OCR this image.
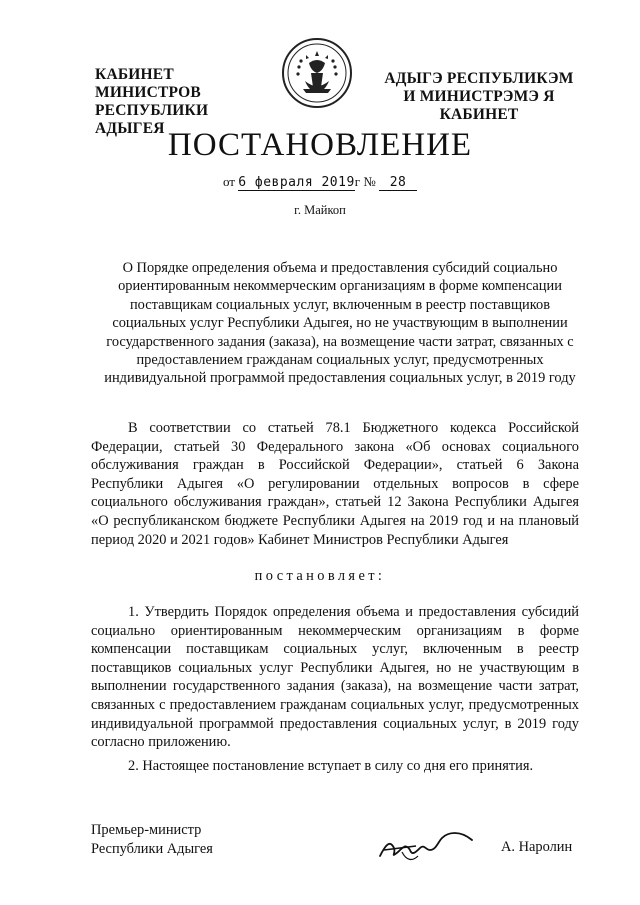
КАБИНЕТ МИНИСТРОВ
РЕСПУБЛИКИ АДЫГЕЯ
АДЫГЭ РЕСПУБЛИКЭМ
И МИНИСТРЭМЭ Я КАБИНЕТ
ПОСТАНОВЛЕНИЕ
от 6 февраля 2019г № 28
г. Майкоп
О Порядке определения объема и предоставления субсидий социально ориентированным некоммерческим организациям в форме компенсации поставщикам социальных услуг, включенным в реестр поставщиков социальных услуг Республики Адыгея, но не участвующим в выполнении государственного задания (заказа), на возмещение части затрат, связанных с предоставлением гражданам социальных услуг, предусмотренных индивидуальной программой предоставления социальных услуг, в 2019 году
В соответствии со статьей 78.1 Бюджетного кодекса Российской Федерации, статьей 30 Федерального закона «Об основах социального обслуживания граждан в Российской Федерации», статьей 6 Закона Республики Адыгея «О регулировании отдельных вопросов в сфере социального обслуживания граждан», статьей 12 Закона Республики Адыгея «О республиканском бюджете Республики Адыгея на 2019 год и на плановый период 2020 и 2021 годов» Кабинет Министров Республики Адыгея
постановляет:
1. Утвердить Порядок определения объема и предоставления субсидий социально ориентированным некоммерческим организациям в форме компенсации поставщикам социальных услуг, включенным в реестр поставщиков социальных услуг Республики Адыгея, но не участвующим в выполнении государственного задания (заказа), на возмещение части затрат, связанных с предоставлением гражданам социальных услуг, предусмотренных индивидуальной программой предоставления социальных услуг, в 2019 году согласно приложению.
2. Настоящее постановление вступает в силу со дня его принятия.
Премьер-министр
Республики Адыгея	А. Наролин
